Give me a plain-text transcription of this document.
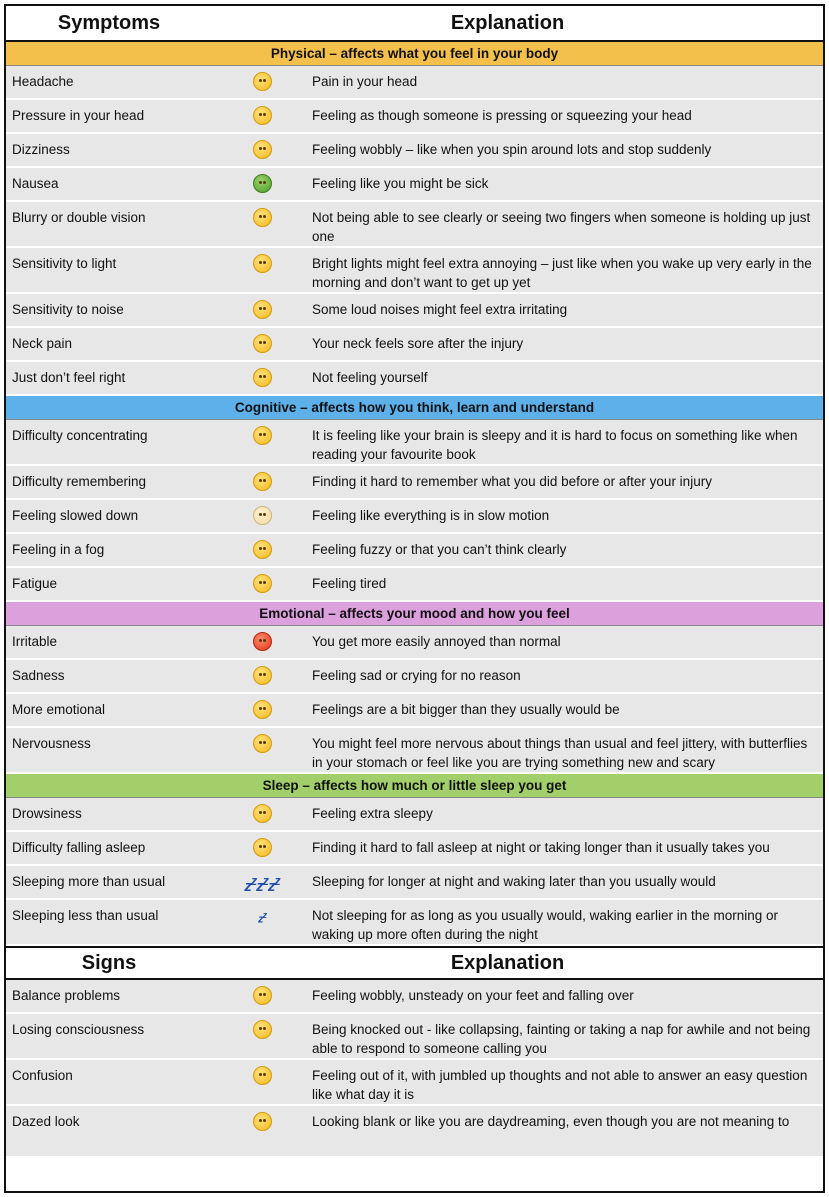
Symptoms	Explanation
Physical – affects what you feel in your body
Headache	Pain in your head
Pressure in your head	Feeling as though someone is pressing or squeezing your head
Dizziness	Feeling wobbly – like when you spin around lots and stop suddenly
Nausea	Feeling like you might be sick
Blurry or double vision	Not being able to see clearly or seeing two fingers when someone is holding up just one
Sensitivity to light	Bright lights might feel extra annoying – just like when you wake up very early in the morning and don’t want to get up yet
Sensitivity to noise	Some loud noises might feel extra irritating
Neck pain	Your neck feels sore after the injury
Just don’t feel right	Not feeling yourself
Cognitive – affects how you think, learn and understand
Difficulty concentrating	It is feeling like your brain is sleepy and it is hard to focus on something like when reading your favourite book
Difficulty remembering	Finding it hard to remember what you did before or after your injury
Feeling slowed down	Feeling like everything is in slow motion
Feeling in a fog	Feeling fuzzy or that you can’t think clearly
Fatigue	Feeling tired
Emotional – affects your mood and how you feel
Irritable	You get more easily annoyed than normal
Sadness	Feeling sad or crying for no reason
More emotional	Feelings are a bit bigger than they usually would be
Nervousness	You might feel more nervous about things than usual and feel jittery, with butterflies in your stomach or feel like you are trying something new and scary
Sleep – affects how much or little sleep you get
Drowsiness	Feeling extra sleepy
Difficulty falling asleep	Finding it hard to fall asleep at night or taking longer than it usually takes you
Sleeping more than usual	$z^zz^zz^z$ Sleeping for longer at night and waking later than you usually would
Sleeping less than usual	$z^z$	Not sleeping for as long as you usually would, waking earlier in the morning or waking up more often during the night
Signs	Explanation
Balance problems	Feeling wobbly, unsteady on your feet and falling over
Losing consciousness	Being knocked out - like collapsing, fainting or taking a nap for awhile and not being able to respond to someone calling you
Confusion	Feeling out of it, with jumbled up thoughts and not able to answer an easy question like what day it is
Dazed look	Looking blank or like you are daydreaming, even though you are not meaning to
